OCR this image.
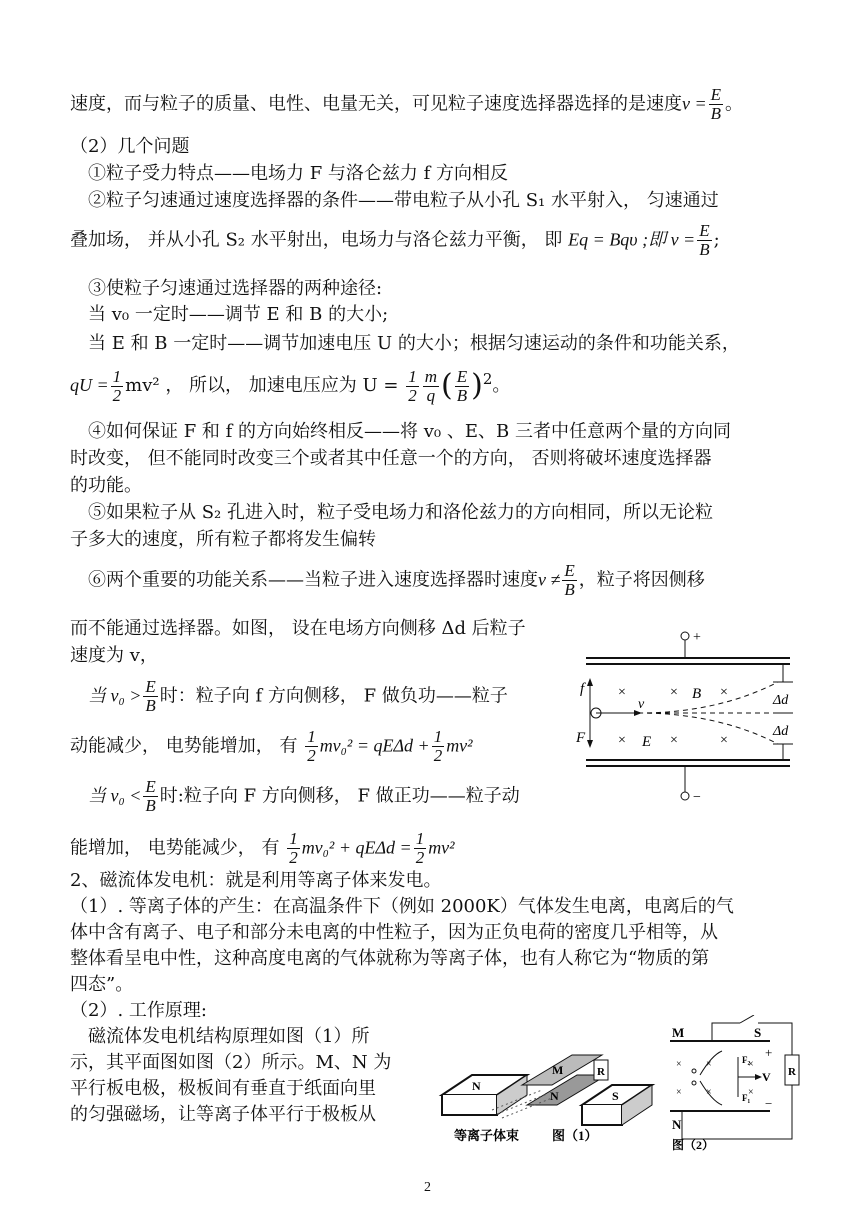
速度，而与粒子的质量、电性、电量无关，可见粒子速度选择器选择的是速度$v = \frac{E}{B}$ 。
（2）几个问题
①粒子受力特点——电场力 F 与洛仑兹力 f 方向相反
②粒子匀速通过速度选择器的条件——带电粒子从小孔 S₁ 水平射入， 匀速通过
叠加场， 并从小孔 S₂ 水平射出，电场力与洛仑兹力平衡， 即 Eq = Bqυ ;即 $v = \frac{E}{B}$ ;
③使粒子匀速通过选择器的两种途径:
当 v₀ 一定时——调节 E 和 B 的大小;
当 E 和 B 一定时——调节加速电压 U 的大小；根据匀速运动的条件和功能关系，
qU = $\frac{1}{2} mv^2$ ， 所以， 加速电压应为 $U = \frac{1}{2} \frac{m}{q}$ ( $\frac{E}{B} )^2$。
④如何保证 F 和 f 的方向始终相反——将 v₀ 、E、B 三者中任意两个量的方向同
时改变， 但不能同时改变三个或者其中任意一个的方向， 否则将破坏速度选择器
的功能。
⑤如果粒子从 S₂ 孔进入时，粒子受电场力和洛伦兹力的方向相同，所以无论粒
子多大的速度，所有粒子都将发生偏转
⑥两个重要的功能关系——当粒子进入速度选择器时速度$v \ne \frac{E}{B}$ ，粒子将因侧移
而不能通过选择器。如图， 设在电场方向侧移 Δd 后粒子
速度为 v，
当 $v_0 > \frac{E}{B}$ 时：粒子向 f 方向侧移， F 做负功——粒子
动能减少， 电势能增加， 有 $\frac{1}{2} mv_0^2 = qE\Delta d + \frac{1}{2} mv^2$
当 $v_0 < \frac{E}{B}$ 时:粒子向 F 方向侧移， F 做正功——粒子动
能增加， 电势能减少， 有 $\frac{1}{2} mv_0^2 + qE\Delta d = \frac{1}{2} mv^2$
2、磁流体发电机：就是利用等离子体来发电。
（1）. 等离子体的产生：在高温条件下（例如 2000K）气体发生电离，电离后的气
体中含有离子、电子和部分未电离的中性粒子，因为正负电荷的密度几乎相等，从
整体看呈电中性，这种高度电离的气体就称为等离子体，也有人称它为“物质的第
四态”。
（2）. 工作原理:
磁流体发电机结构原理如图（1）所
示，其平面图如图（2）所示。M、N 为
平行板电极，极板间有垂直于纸面向里
的匀强磁场，让等离子体平行于极板从
+
−
f
F
v
×	×	×
B
×	×	×
E
Δd
Δd
N
M
N
R
S
等离子体束	图（1）
M
N
S
R
+
−
×
×
×
×
×
×
F₂
F₁
V
图（2）
2
